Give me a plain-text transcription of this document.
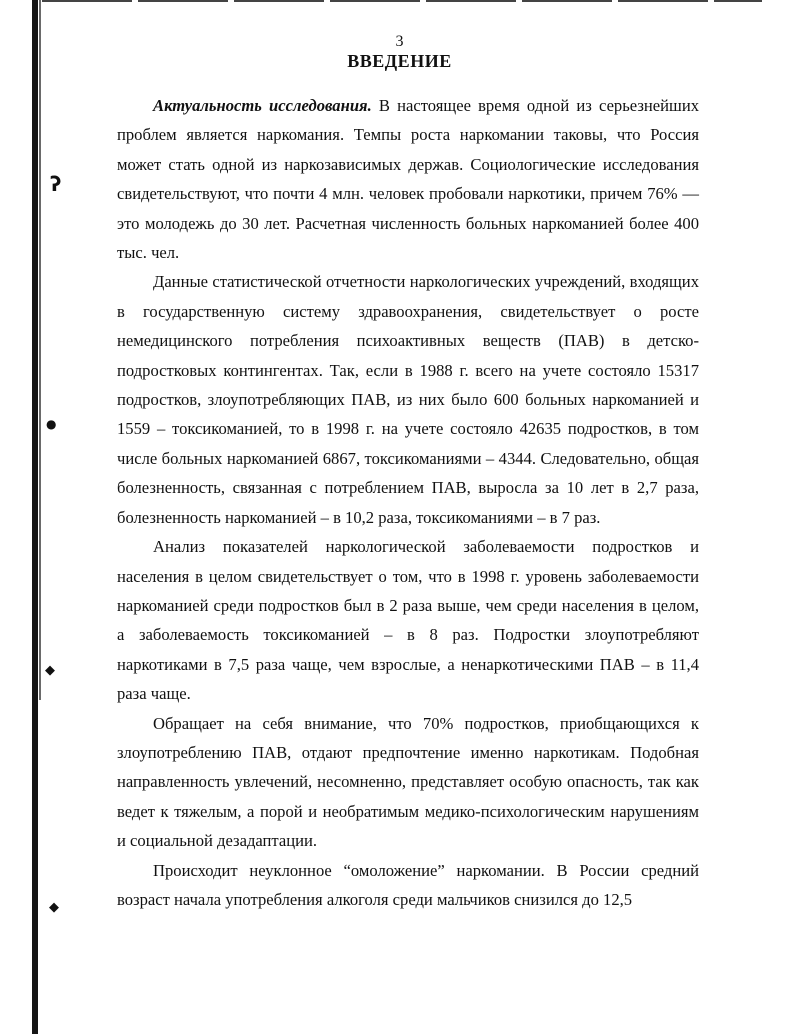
ʔ
●
◆
◆
3
ВВЕДЕНИЕ

Актуальность исследования. В настоящее время одной из серьезнейших проблем является наркомания. Темпы роста наркомании таковы, что Россия может стать одной из наркозависимых держав. Социологические исследования свидетельствуют, что почти 4 млн. человек пробовали наркотики, причем 76% — это молодежь до 30 лет. Расчетная численность больных наркоманией более 400 тыс. чел.

Данные статистической отчетности наркологических учреждений, входящих в государственную систему здравоохранения, свидетельствует о росте немедицинского потребления психоактивных веществ (ПАВ) в детско-подростковых контингентах. Так, если в 1988 г. всего на учете состояло 15317 подростков, злоупотребляющих ПАВ, из них было 600 больных наркоманией и 1559 – токсикоманией, то в 1998 г. на учете состояло 42635 подростков, в том числе больных наркоманией 6867, токсикоманиями – 4344. Следовательно, общая болезненность, связанная с потреблением ПАВ, выросла за 10 лет в 2,7 раза, болезненность наркоманией – в 10,2 раза, токсикоманиями – в 7 раз.

Анализ показателей наркологической заболеваемости подростков и населения в целом свидетельствует о том, что в 1998 г. уровень заболеваемости наркоманией среди подростков был в 2 раза выше, чем среди населения в целом, а заболеваемость токсикоманией – в 8 раз. Подростки злоупотребляют наркотиками в 7,5 раза чаще, чем взрослые, а ненаркотическими ПАВ – в 11,4 раза чаще.

Обращает на себя внимание, что 70% подростков, приобщающихся к злоупотреблению ПАВ, отдают предпочтение именно наркотикам. Подобная направленность увлечений, несомненно, представляет особую опасность, так как ведет к тяжелым, а порой и необратимым медико-психологическим нарушениям и социальной дезадаптации.

Происходит неуклонное “омоложение” наркомании. В России средний возраст начала употребления алкоголя среди мальчиков снизился до 12,5
